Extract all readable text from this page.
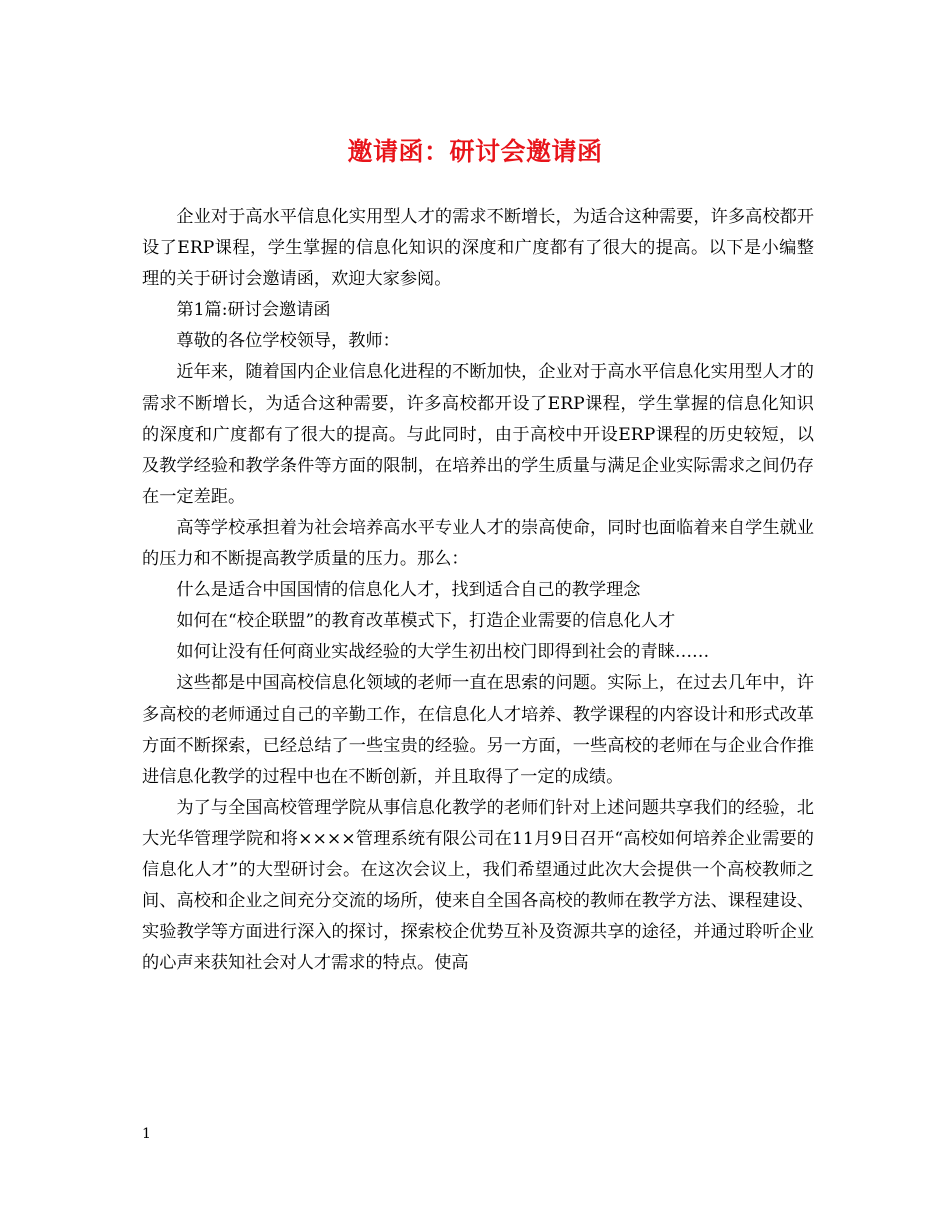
邀请函：研讨会邀请函

企业对于高水平信息化实用型人才的需求不断增长，为适合这种需要，许多高校都开设了ERP课程，学生掌握的信息化知识的深度和广度都有了很大的提高。以下是小编整理的关于研讨会邀请函，欢迎大家参阅。

第1篇:研讨会邀请函

尊敬的各位学校领导，教师：

近年来，随着国内企业信息化进程的不断加快，企业对于高水平信息化实用型人才的需求不断增长，为适合这种需要，许多高校都开设了ERP课程，学生掌握的信息化知识的深度和广度都有了很大的提高。与此同时，由于高校中开设ERP课程的历史较短，以及教学经验和教学条件等方面的限制，在培养出的学生质量与满足企业实际需求之间仍存在一定差距。

高等学校承担着为社会培养高水平专业人才的崇高使命，同时也面临着来自学生就业的压力和不断提高教学质量的压力。那么：

什么是适合中国国情的信息化人才，找到适合自己的教学理念

如何在“校企联盟”的教育改革模式下，打造企业需要的信息化人才

如何让没有任何商业实战经验的大学生初出校门即得到社会的青睐……

这些都是中国高校信息化领域的老师一直在思索的问题。实际上，在过去几年中，许多高校的老师通过自己的辛勤工作，在信息化人才培养、教学课程的内容设计和形式改革方面不断探索，已经总结了一些宝贵的经验。另一方面，一些高校的老师在与企业合作推进信息化教学的过程中也在不断创新，并且取得了一定的成绩。

为了与全国高校管理学院从事信息化教学的老师们针对上述问题共享我们的经验，北大光华管理学院和将××××管理系统有限公司在11月9日召开“高校如何培养企业需要的信息化人才”的大型研讨会。在这次会议上，我们希望通过此次大会提供一个高校教师之间、高校和企业之间充分交流的场所，使来自全国各高校的教师在教学方法、课程建设、实验教学等方面进行深入的探讨，探索校企优势互补及资源共享的途径，并通过聆听企业的心声来获知社会对人才需求的特点。使高

1
